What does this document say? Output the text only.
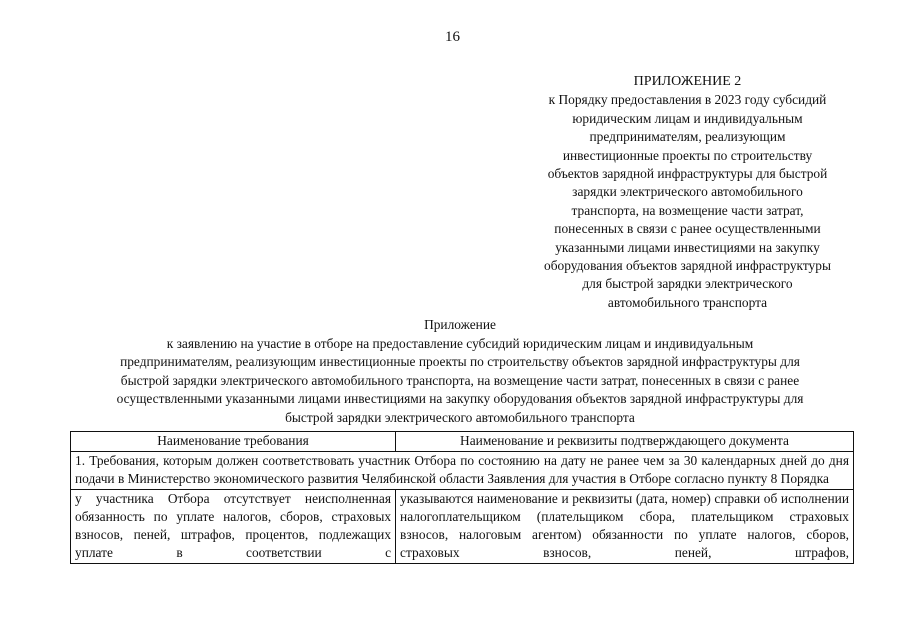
16
ПРИЛОЖЕНИЕ 2
к Порядку предоставления в 2023 году субсидий
юридическим лицам и индивидуальным
предпринимателям, реализующим
инвестиционные проекты по строительству
объектов зарядной инфраструктуры для быстрой
зарядки электрического автомобильного
транспорта, на возмещение части затрат,
понесенных в связи с ранее осуществленными
указанными лицами инвестициями на закупку
оборудования объектов зарядной инфраструктуры
для быстрой зарядки электрического
автомобильного транспорта
Приложение
к заявлению на участие в отборе на предоставление субсидий юридическим лицам и индивидуальным
предпринимателям, реализующим инвестиционные проекты по строительству объектов зарядной инфраструктуры для
быстрой зарядки электрического автомобильного транспорта, на возмещение части затрат, понесенных в связи с ранее
осуществленными указанными лицами инвестициями на закупку оборудования объектов зарядной инфраструктуры для
быстрой зарядки электрического автомобильного транспорта
Наименование требования	Наименование и реквизиты подтверждающего документа
1. Требования, которым должен соответствовать участник Отбора по состоянию на дату не ранее чем за 30 календарных дней до дня подачи в Министерство экономического развития Челябинской области Заявления для участия в Отборе согласно пункту 8 Порядка	

у участника Отбора отсутствует неисполненная обязанность по уплате налогов, сборов, страховых взносов, пеней, штрафов, процентов, подлежащих уплате в соответствии с	указываются наименование и реквизиты (дата, номер) справки об исполнении налогоплательщиком (плательщиком сбора, плательщиком страховых взносов, налоговым агентом) обязанности по уплате налогов, сборов, страховых взносов, пеней, штрафов,
